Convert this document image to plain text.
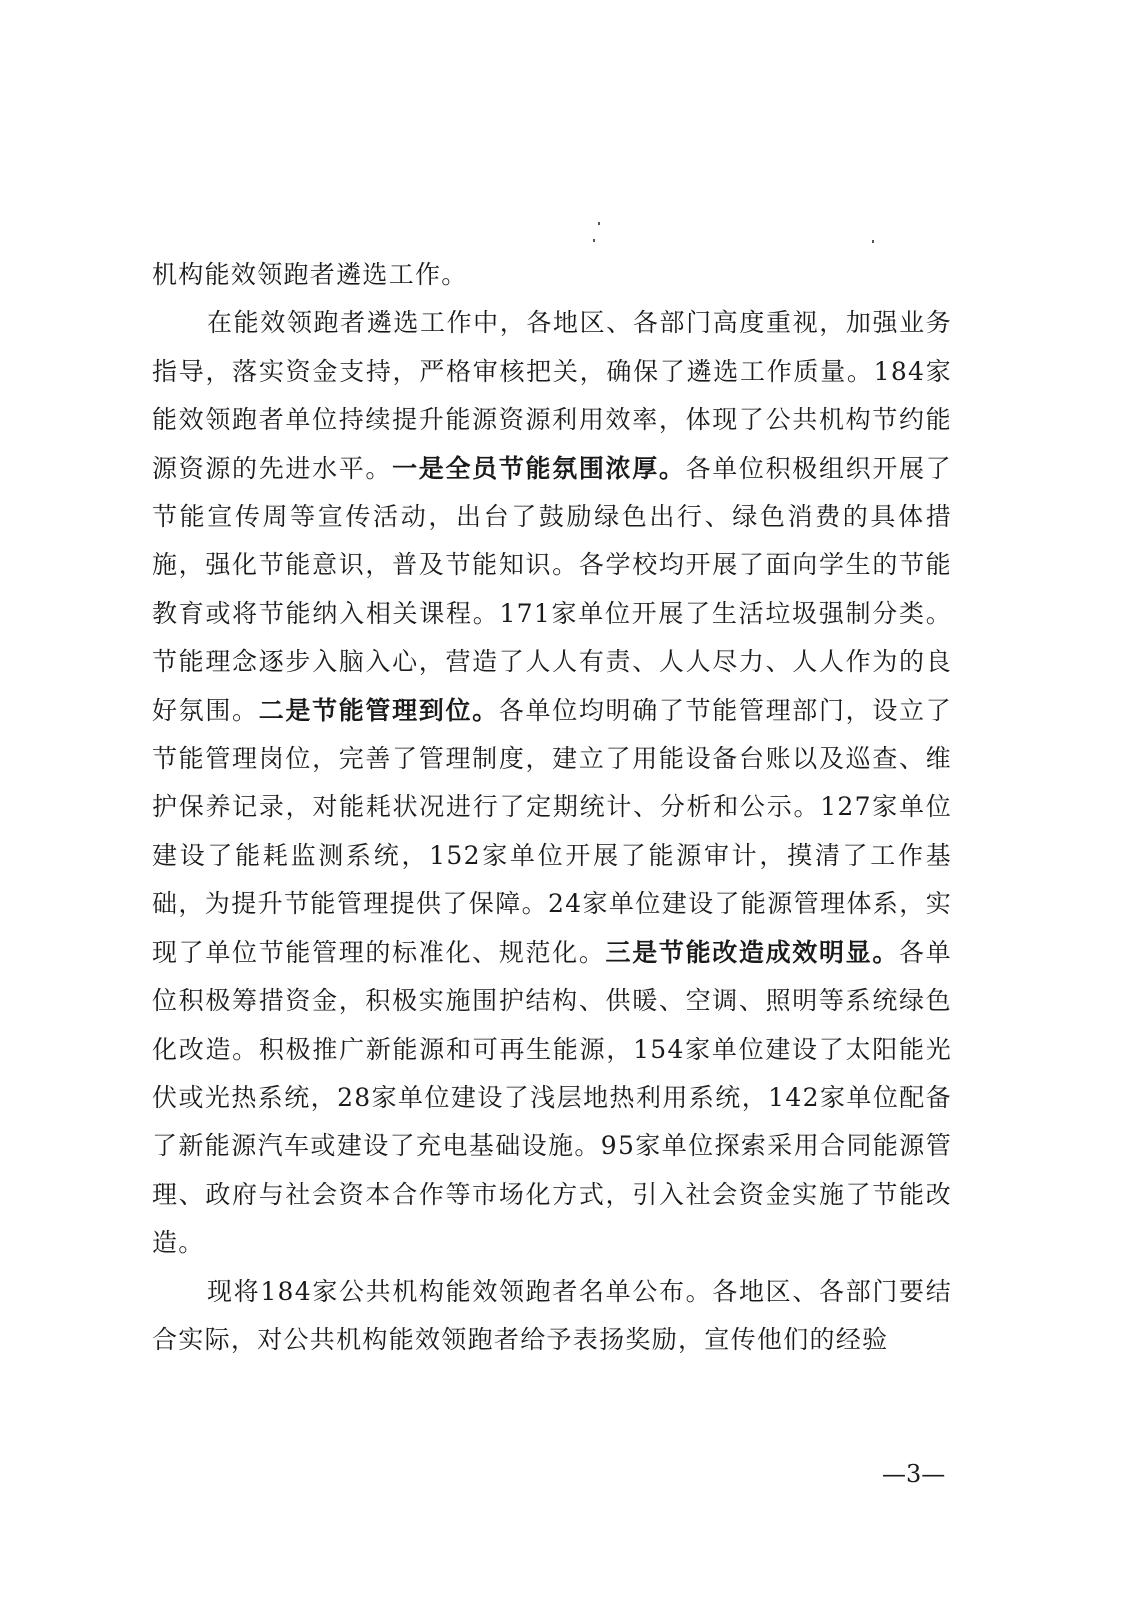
机构能效领跑者遴选工作。

在能效领跑者遴选工作中，各地区、各部门高度重视，加强业务指导，落实资金支持，严格审核把关，确保了遴选工作质量。184家能效领跑者单位持续提升能源资源利用效率，体现了公共机构节约能源资源的先进水平。一是全员节能氛围浓厚。各单位积极组织开展了节能宣传周等宣传活动，出台了鼓励绿色出行、绿色消费的具体措施，强化节能意识，普及节能知识。各学校均开展了面向学生的节能教育或将节能纳入相关课程。171家单位开展了生活垃圾强制分类。节能理念逐步入脑入心，营造了人人有责、人人尽力、人人作为的良好氛围。二是节能管理到位。各单位均明确了节能管理部门，设立了节能管理岗位，完善了管理制度，建立了用能设备台账以及巡查、维护保养记录，对能耗状况进行了定期统计、分析和公示。127家单位建设了能耗监测系统，152家单位开展了能源审计，摸清了工作基础，为提升节能管理提供了保障。24家单位建设了能源管理体系，实现了单位节能管理的标准化、规范化。三是节能改造成效明显。各单位积极筹措资金，积极实施围护结构、供暖、空调、照明等系统绿色化改造。积极推广新能源和可再生能源，154家单位建设了太阳能光伏或光热系统，28家单位建设了浅层地热利用系统，142家单位配备了新能源汽车或建设了充电基础设施。95家单位探索采用合同能源管理、政府与社会资本合作等市场化方式，引入社会资金实施了节能改造。

现将184家公共机构能效领跑者名单公布。各地区、各部门要结合实际，对公共机构能效领跑者给予表扬奖励，宣传他们的经验

—3—
